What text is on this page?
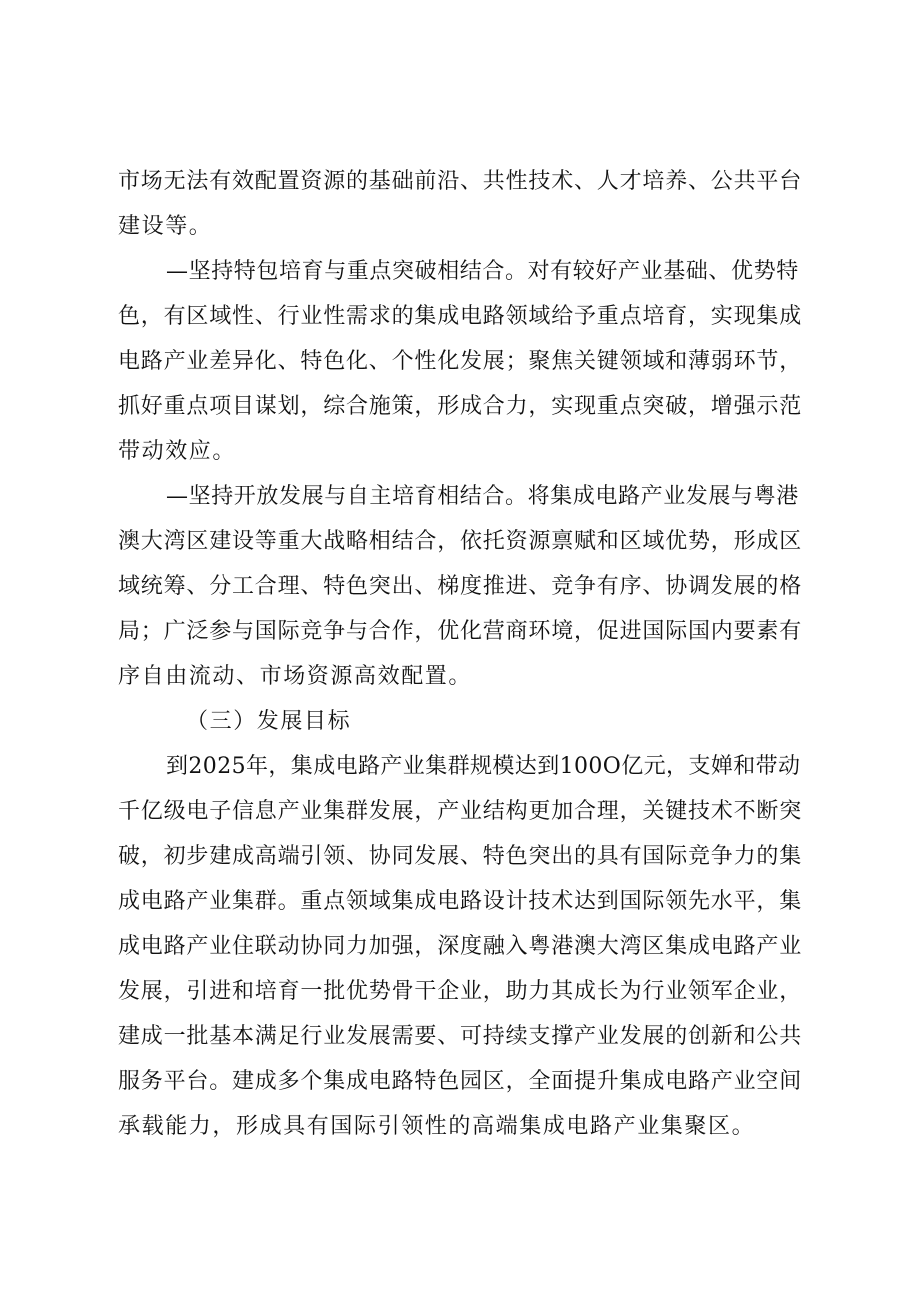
市场无法有效配置资源的基础前沿、共性技术、人才培养、公共平台
建设等。
—坚持特包培育与重点突破相结合。对有较好产业基础、优势特
色，有区域性、行业性需求的集成电路领域给予重点培育，实现集成
电路产业差异化、特色化、个性化发展；聚焦关键领域和薄弱环节，
抓好重点项目谋划，综合施策，形成合力，实现重点突破，增强示范
带动效应。
—坚持开放发展与自主培育相结合。将集成电路产业发展与粤港
澳大湾区建设等重大战略相结合，依托资源禀赋和区域优势，形成区
域统筹、分工合理、特色突出、梯度推进、竞争有序、协调发展的格
局；广泛参与国际竞争与合作，优化营商环境，促进国际国内要素有
序自由流动、市场资源高效配置。
（三）发展目标
到2025年，集成电路产业集群规模达到100O亿元，支婵和带动
千亿级电子信息产业集群发展，产业结构更加合理，关键技术不断突
破，初步建成高端引领、协同发展、特色突出的具有国际竞争力的集
成电路产业集群。重点领域集成电路设计技术达到国际领先水平，集
成电路产业住联动协同力加强，深度融入粤港澳大湾区集成电路产业
发展，引进和培育一批优势骨干企业，助力其成长为行业领军企业，
建成一批基本满足行业发展需要、可持续支撑产业发展的创新和公共
服务平台。建成多个集成电路特色园区，全面提升集成电路产业空间
承载能力，形成具有国际引领性的高端集成电路产业集聚区。
